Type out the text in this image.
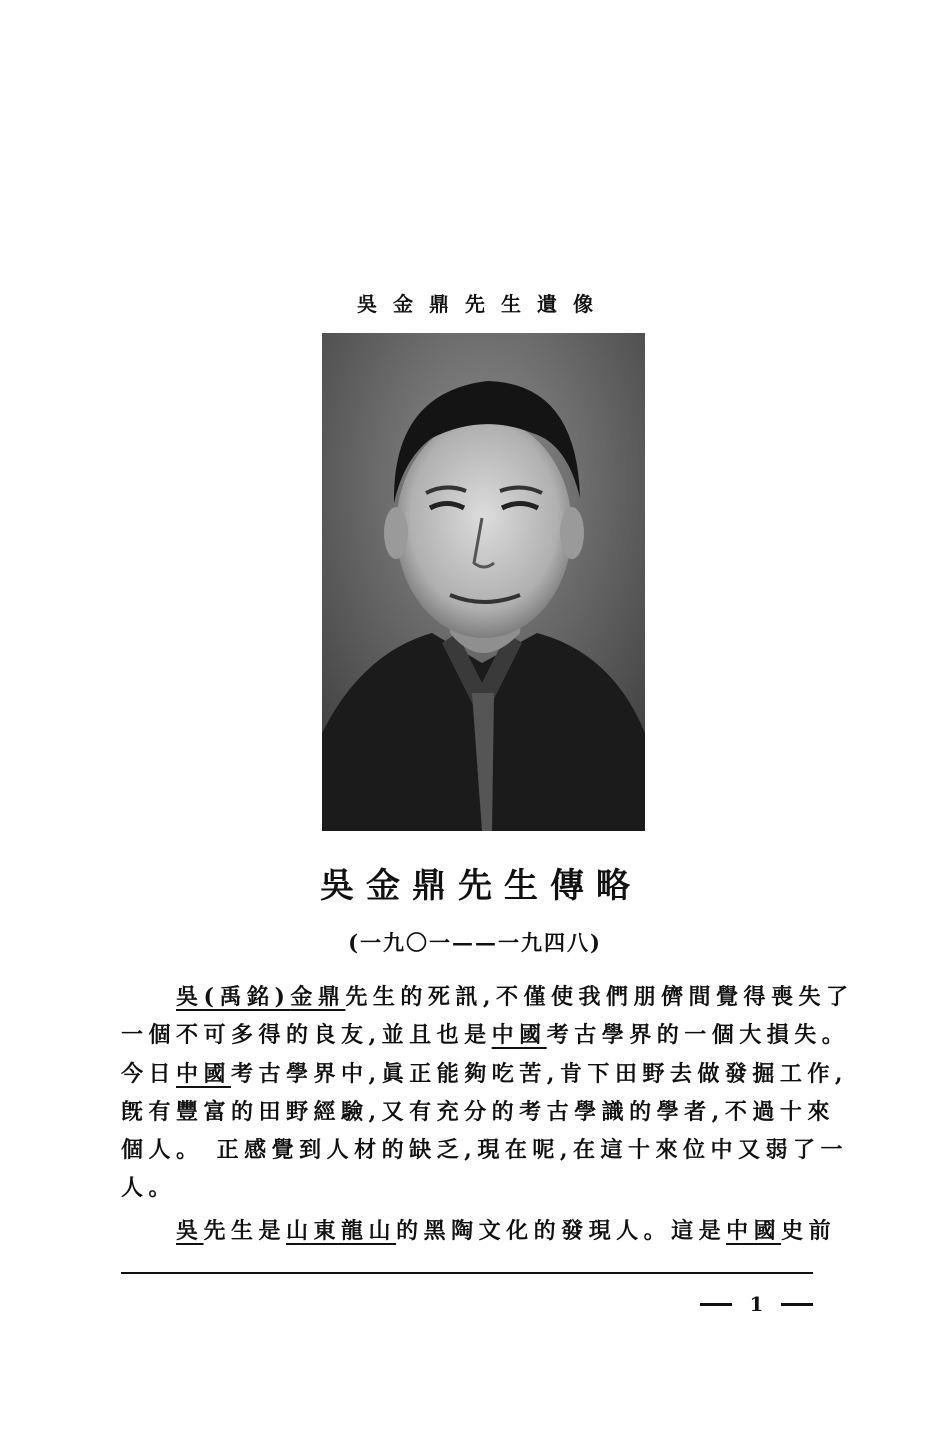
吳金鼎先生遺像
吳金鼎先生傳略
(一九〇一——一九四八)
　　吳(禹銘)金鼎先生的死訊,不僅使我們朋儕間覺得喪失了
一個不可多得的良友,並且也是中國考古學界的一個大損失。
今日中國考古學界中,眞正能夠吃苦,肯下田野去做發掘工作,
旣有豐富的田野經驗,又有充分的考古學識的學者,不過十來
個人。 正感覺到人材的缺乏,現在呢,在這十來位中又弱了一
人。
　　吳先生是山東龍山的黑陶文化的發現人。這是中國史前
1
